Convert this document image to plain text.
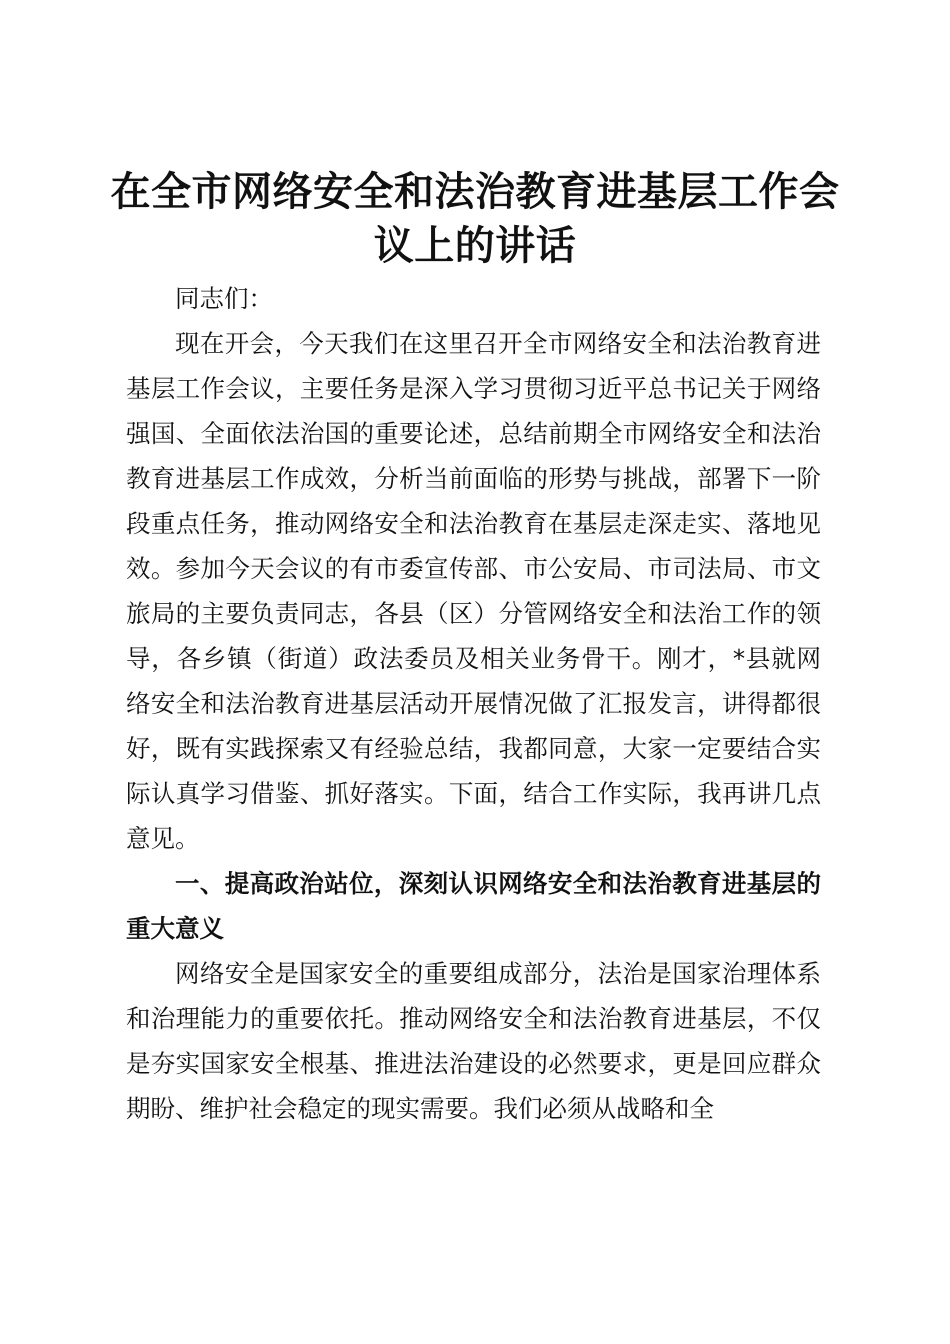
在全市网络安全和法治教育进基层工作会议上的讲话

同志们：

现在开会，今天我们在这里召开全市网络安全和法治教育进基层工作会议，主要任务是深入学习贯彻习近平总书记关于网络强国、全面依法治国的重要论述，总结前期全市网络安全和法治教育进基层工作成效，分析当前面临的形势与挑战，部署下一阶段重点任务，推动网络安全和法治教育在基层走深走实、落地见效。参加今天会议的有市委宣传部、市公安局、市司法局、市文旅局的主要负责同志，各县（区）分管网络安全和法治工作的领导，各乡镇（街道）政法委员及相关业务骨干。刚才，*县就网络安全和法治教育进基层活动开展情况做了汇报发言，讲得都很好，既有实践探索又有经验总结，我都同意，大家一定要结合实际认真学习借鉴、抓好落实。下面，结合工作实际，我再讲几点意见。

一、提高政治站位，深刻认识网络安全和法治教育进基层的重大意义

网络安全是国家安全的重要组成部分，法治是国家治理体系和治理能力的重要依托。推动网络安全和法治教育进基层，不仅是夯实国家安全根基、推进法治建设的必然要求，更是回应群众期盼、维护社会稳定的现实需要。我们必须从战略和全
